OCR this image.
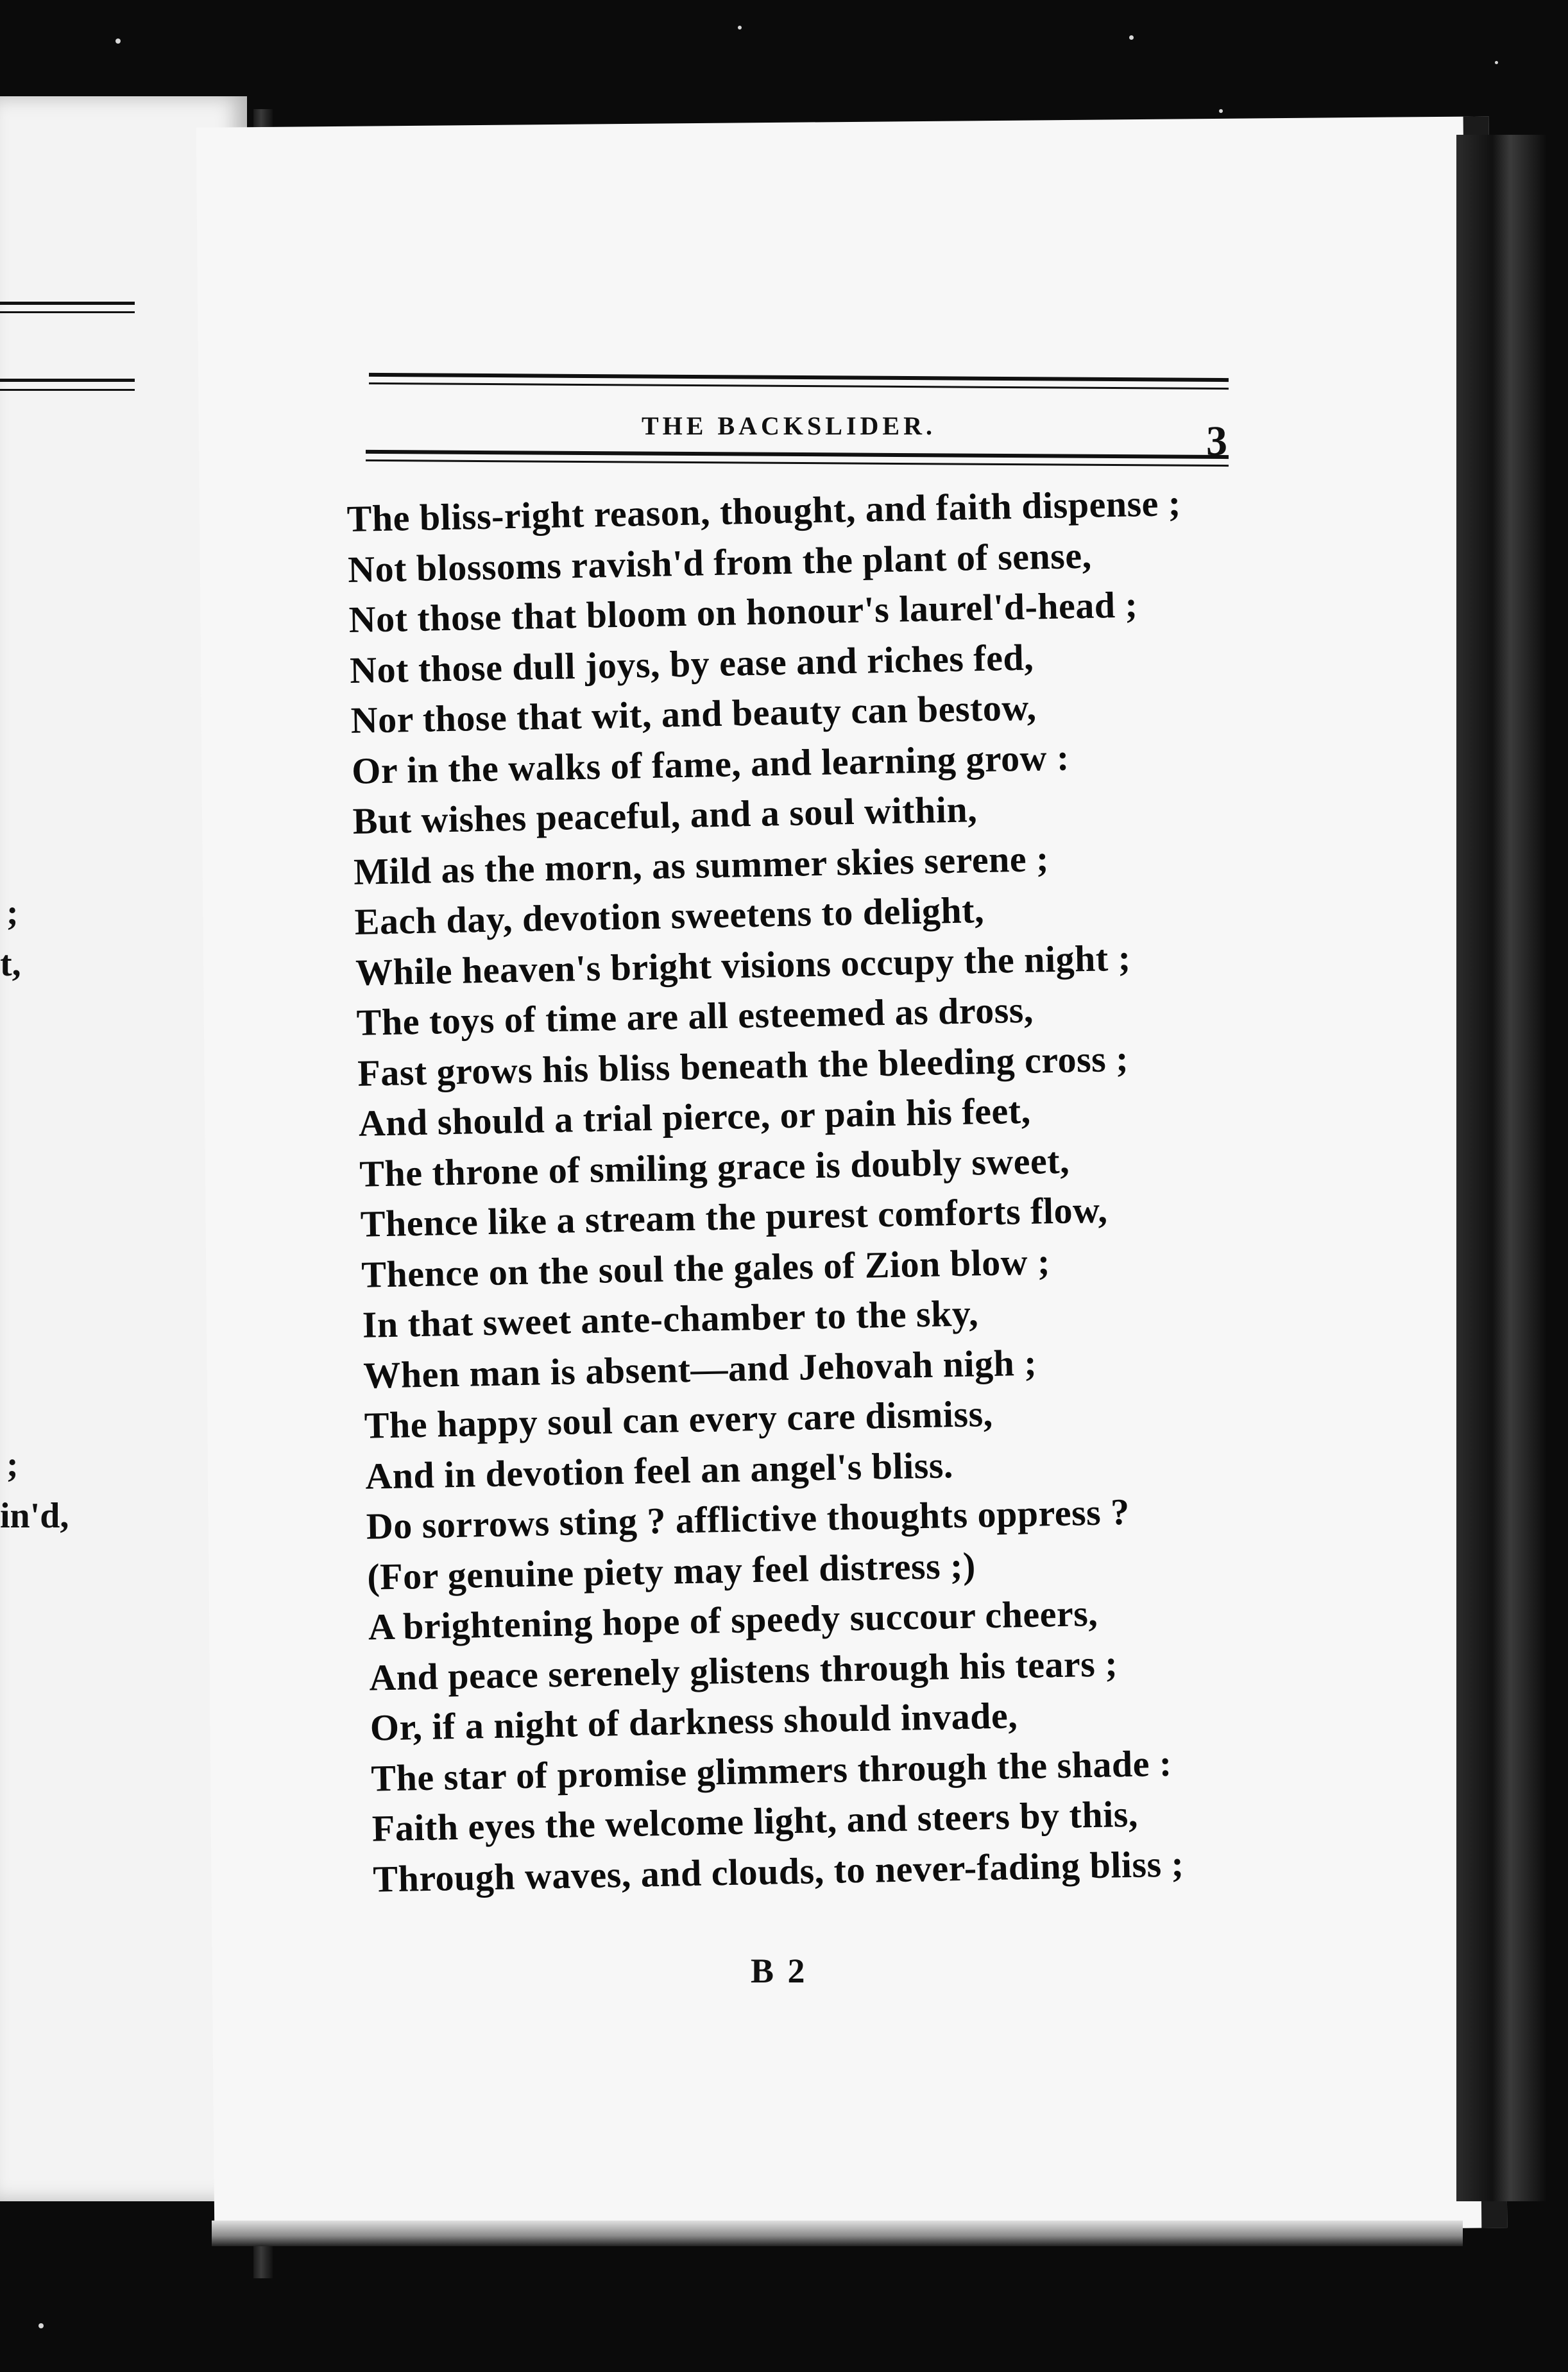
;
t,
;
in'd,
THE BACKSLIDER.	3
The bliss-right reason, thought, and faith dispense ;
Not blossoms ravish'd from the plant of sense,
Not those that bloom on honour's laurel'd-head ;
Not those dull joys, by ease and riches fed,
Nor those that wit, and beauty can bestow,
Or in the walks of fame, and learning grow :
But wishes peaceful, and a soul within,
Mild as the morn, as summer skies serene ;
Each day, devotion sweetens to delight,
While heaven's bright visions occupy the night ;
The toys of time are all esteemed as dross,
Fast grows his bliss beneath the bleeding cross ;
And should a trial pierce, or pain his feet,
The throne of smiling grace is doubly sweet,
Thence like a stream the purest comforts flow,
Thence on the soul the gales of Zion blow ;
In that sweet ante-chamber to the sky,
When man is absent—and Jehovah nigh ;
The happy soul can every care dismiss,
And in devotion feel an angel's bliss.
Do sorrows sting ? afflictive thoughts oppress ?
(For genuine piety may feel distress ;)
A brightening hope of speedy succour cheers,
And peace serenely glistens through his tears ;
Or, if a night of darkness should invade,
The star of promise glimmers through the shade :
Faith eyes the welcome light, and steers by this,
Through waves, and clouds, to never-fading bliss ;
B 2
